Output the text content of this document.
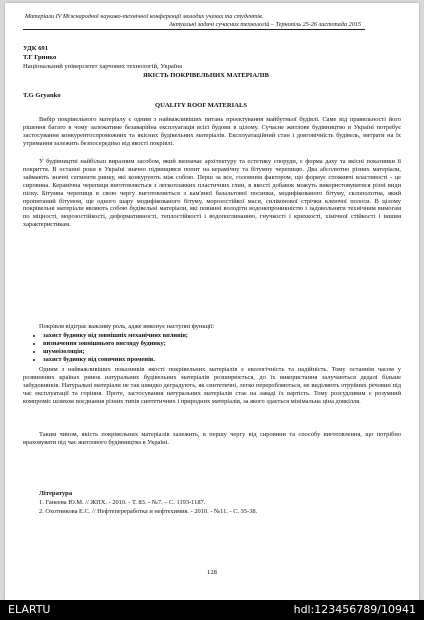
Матеріали IV Міжнародної науково-технічної конференції молодих учених та студентів.
Актуальні задачі сучасних технологій – Тернопіль 25-26 листопада 2015
УДК 691
Т.Г Гринко
Національний університет харчових технологій, Україна
ЯКІСТЬ ПОКРІВЕЛЬНИХ МАТЕРІАЛІВ
T.G Gryanko
QUALITY ROOF MATERIALS

Вибір покрівельного матеріалу є одним з найважливіших питань проектування майбутньої будівлі. Саме від правильності його рішення багато в чому залежатиме безаварійна експлуатація всієї будови в цілому. Сучасне житлове будівництво в Україні потребує застосування конкурентоспроможних та якісних будівельних матеріалів. Експлуатаційний стан і довговічність будівель, витрати на їх утримання залежить безпосередньо від якості покрівлі.

У будівництві найбільш виразним засобом, який визначає архітектуру та естетику споруди, є форма даху та якісні показники її покриття. В останні роки в Україні значно підвищився попит на керамічну та бітумну черепицю. Два абсолютно різних матеріали, займають значні сегменти ринку, які конкурують між собою. Перш за все, головним фактором, що формує споживчі властивості - це сировина. Керамічна черепиця виготовляється з легкоплавких пластичних глин, в якості добавок можуть використовуватися різні види піску. Бітумна черепиця в свою чергу виготовляється з кам'яної базальтової посипки, модифікованого бітуму, склополотна, який пропитаний бітумом, ще одного шару модифікованого бітуму, морозостійкої маси, силіконової стрічки клеючої полоси. В цілому покрівельні матеріали являють собою будівельні матеріали, які повинні володіти водонепроникністю і задовольняти технічним вимогам по міцності, морозостійкості, деформативності, теплостійкості і водопоглинанню, гнучкості і крихкості, хімічної стійкості і іншим характеристикам.

Покрівля відіграє важливу роль, адже виконує наступні функції:

• захист будинку від зовнішніх механічних впливів;
• визначення зовнішнього вигляду будинку;
• шумоізоляція;
• захист будинку від сонячних променів.

Одним з найважливіших показників якості покрівельних матеріалів є екологічність та надійність. Тому останнім часом у розвинених країнах ринок натуральних будівельних матеріалів розширюється, до їх використання залучаються дедалі більше забудовників. Натуральні матеріали не так швидко деградують, як синтетичні, легко переробляються, не виділяють отруйних речовин під час експлуатації та горіння. Проте, застосування натуральних матеріалів стає на заваді їх вартість. Тому розсудливим є розумний компроміс шляхом поєднання різних типів синтетичних і природних матеріалів, за якого здається мінімальна ціна довкілля.

Таким чином, якість покрівельних матеріалів залежить, в першу чергу від сировини та способу виготовлення, що потрібно враховувати під час житлового будівництва в Україні.

Література

1. Ганеева Ю.М. // ЖПХ. - 2010. - Т. 83. - №7. – С. 1193-1187.

2. Охотникова Е.С. // Нефтепереработка и нефтехимия. - 2010. - №11. - С. 35-38.

128
ELARTU	hdl:123456789/10941
